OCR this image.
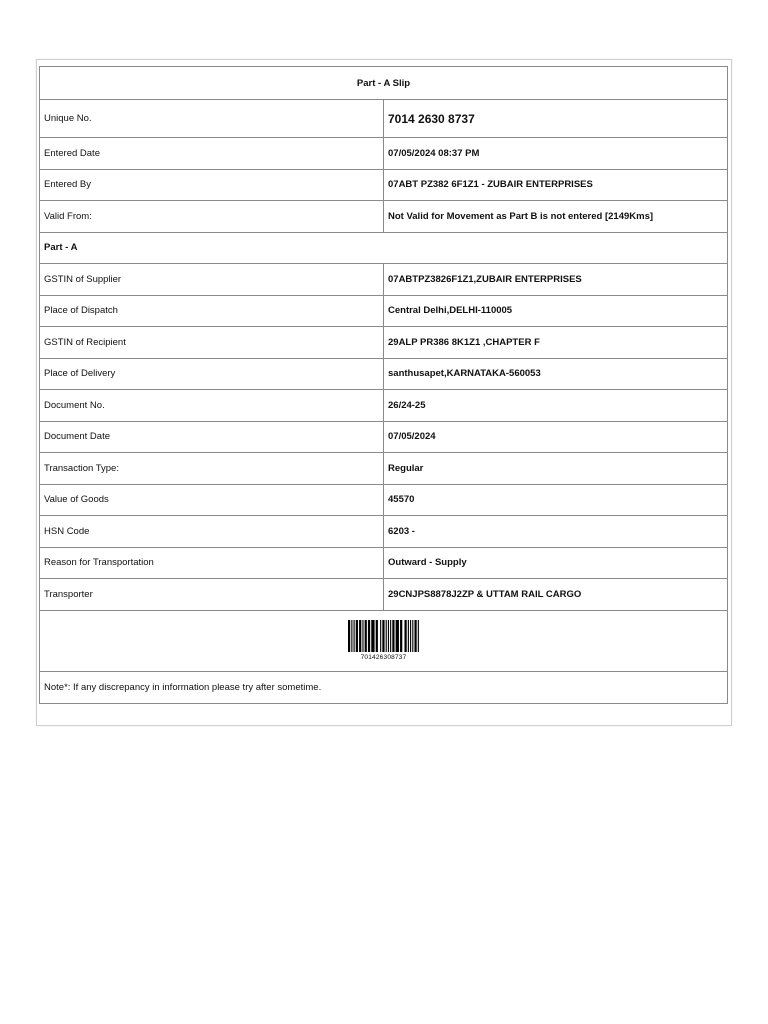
Part - A Slip	
Unique No.	7014 2630 8737
Entered Date	07/05/2024 08:37 PM
Entered By	07ABT PZ382 6F1Z1 - ZUBAIR ENTERPRISES
Valid From:	Not Valid for Movement as Part B is not entered [2149Kms]
Part - A	
GSTIN of Supplier	07ABTPZ3826F1Z1,ZUBAIR ENTERPRISES
Place of Dispatch	Central Delhi,DELHI-110005
GSTIN of Recipient	29ALP PR386 8K1Z1 ,CHAPTER F
Place of Delivery	santhusapet,KARNATAKA-560053
Document No.	26/24-25
Document Date	07/05/2024
Transaction Type:	Regular
Value of Goods	45570
HSN Code	6203 -
Reason for Transportation	Outward - Supply
Transporter	29CNJPS8878J2ZP & UTTAM RAIL CARGO

701426308737	

Note*: If any discrepancy in information please try after sometime.	
